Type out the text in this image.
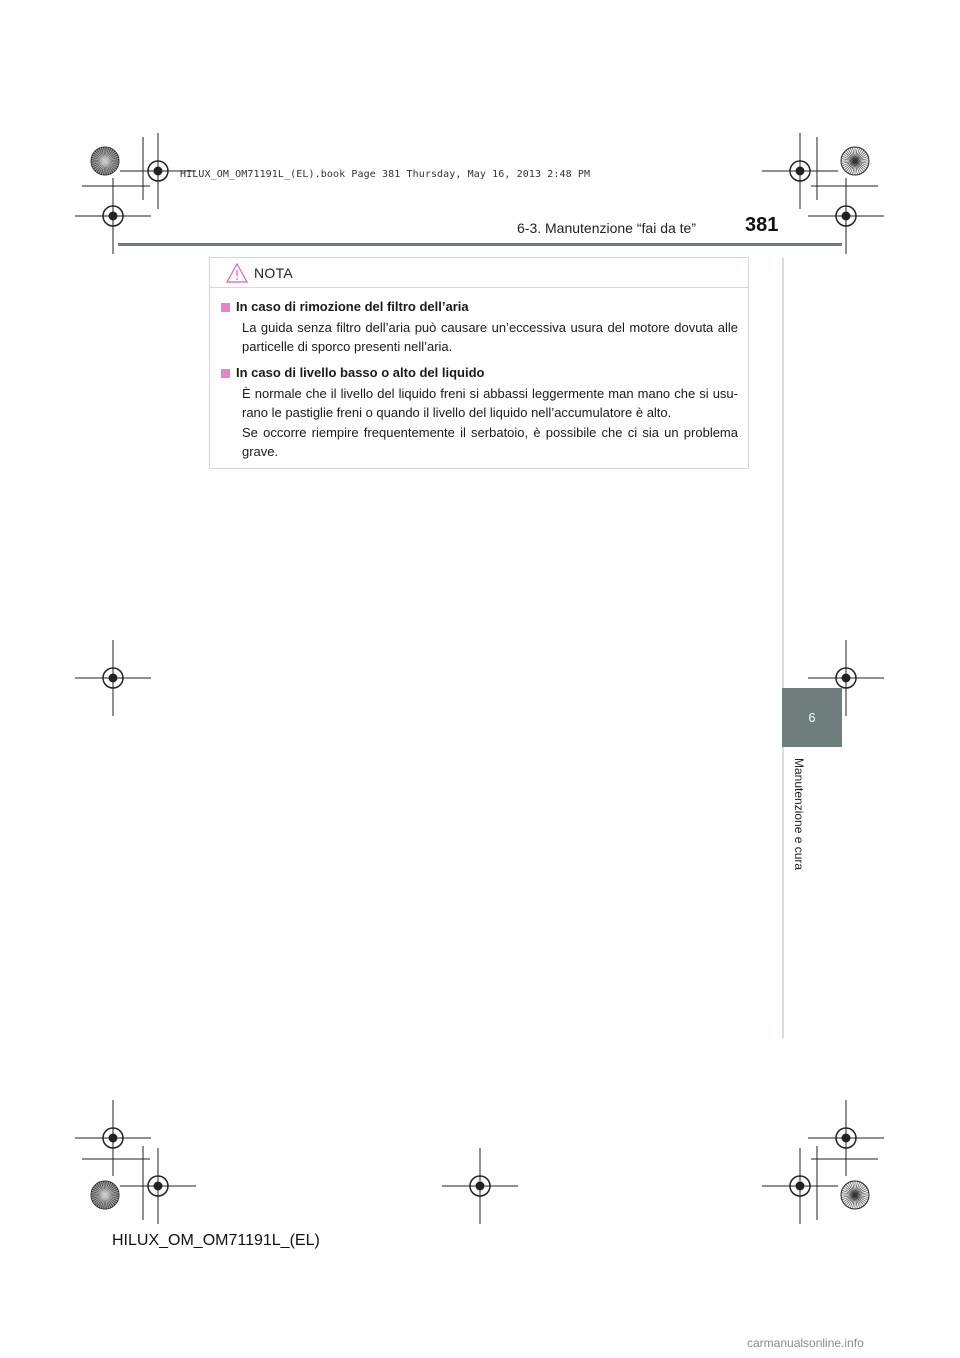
HILUX_OM_OM71191L_(EL).book Page 381 Thursday, May 16, 2013 2:48 PM
6-3. Manutenzione “fai da te” 381
6
Manutenzione e cura
NOTA
In caso di rimozione del filtro dell’aria
La guida senza filtro dell’aria può causare un’eccessiva usura del motore dovuta alle particelle di sporco presenti nell’aria.
In caso di livello basso o alto del liquido
È normale che il livello del liquido freni si abbassi leggermente man mano che si usu-rano le pastiglie freni o quando il livello del liquido nell’accumulatore è alto.
Se occorre riempire frequentemente il serbatoio, è possibile che ci sia un problema grave.
HILUX_OM_OM71191L_(EL)
carmanualsonline.info
